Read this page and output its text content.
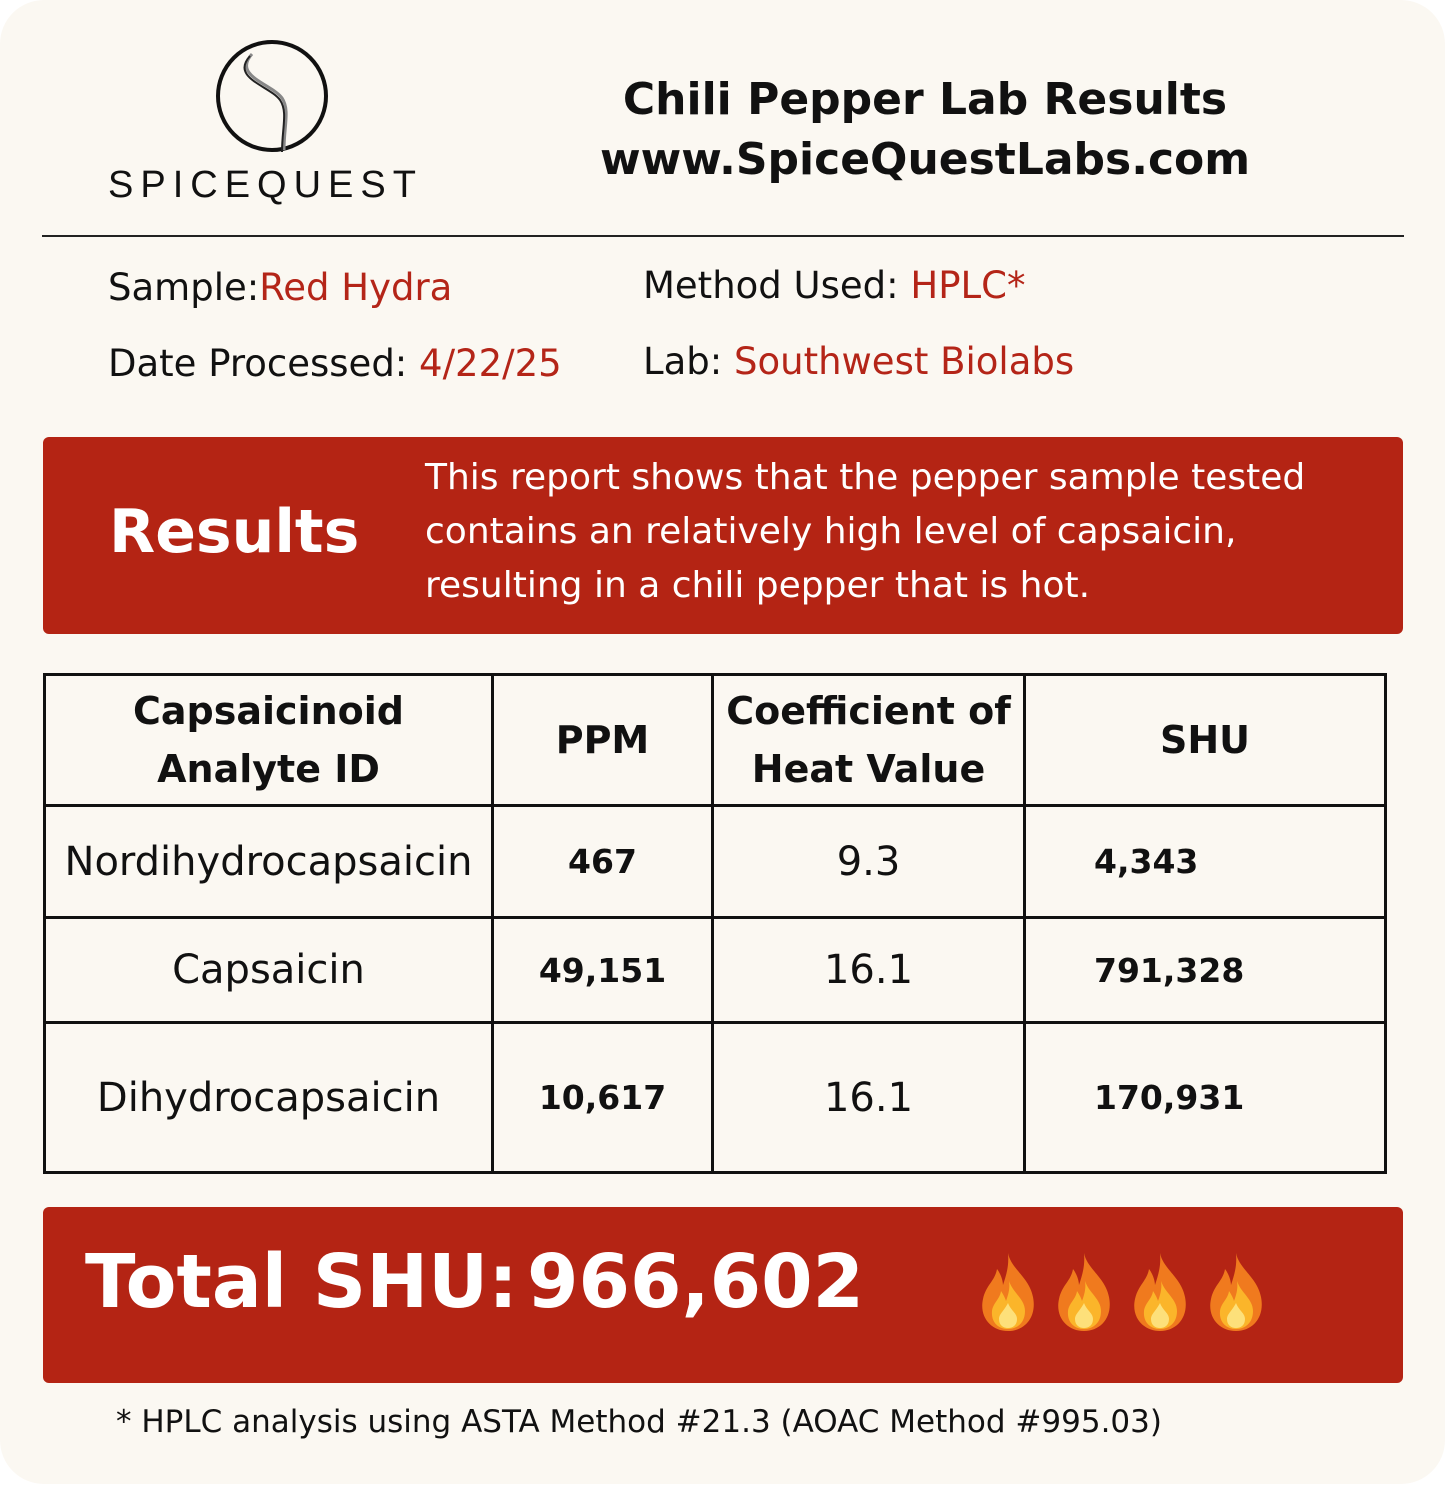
SPICEQUEST
Chili Pepper Lab Results
www.SpiceQuestLabs.com
Sample:Red Hydra
Date Processed: 4/22/25
Method Used: HPLC*
Lab: Southwest Biolabs
Results
This report shows that the pepper sample tested contains an relatively high level of capsaicin, resulting in a chili pepper that is hot.
Capsaicinoid Analyte ID	PPM	Coefficient of Heat Value	SHU
Nordihydrocapsaicin	467	9.3	4,343
Capsaicin	49,151	16.1	791,328
Dihydrocapsaicin	10,617	16.1	170,931
Total SHU: 966,602
* HPLC analysis using ASTA Method #21.3 (AOAC Method #995.03)
